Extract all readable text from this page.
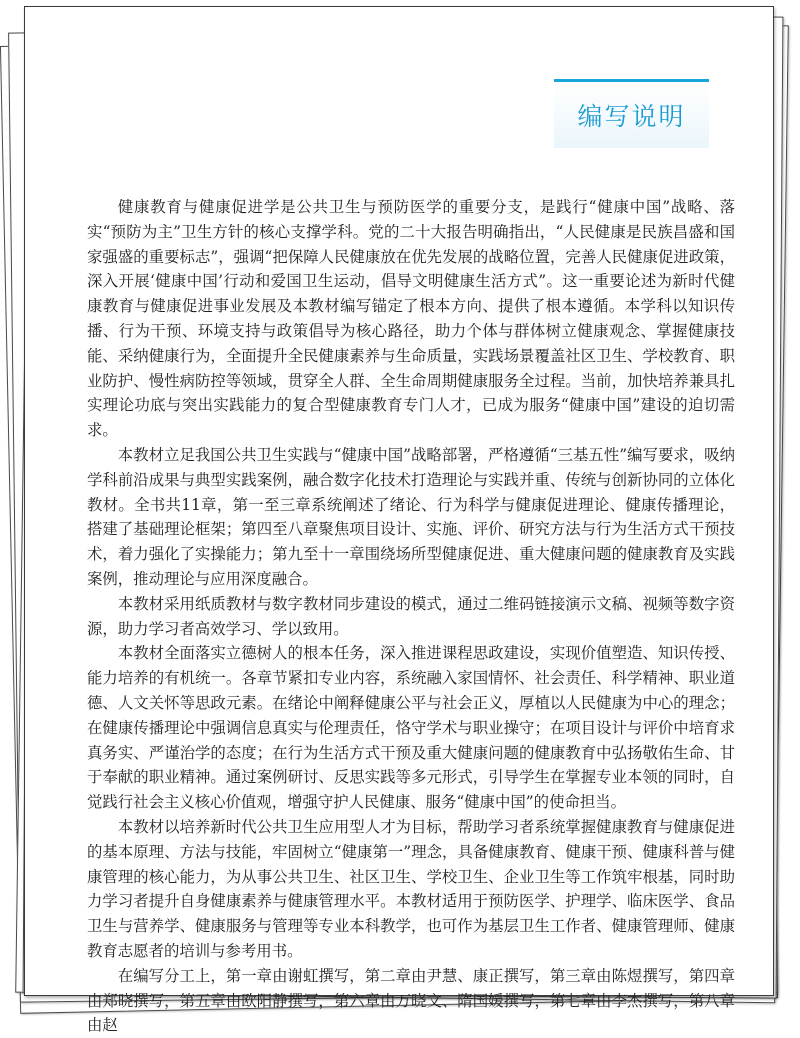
编写说明

健康教育与健康促进学是公共卫生与预防医学的重要分支，是践行“健康中国”战略、落实“预防为主”卫生方针的核心支撑学科。党的二十大报告明确指出，“人民健康是民族昌盛和国家强盛的重要标志”，强调“把保障人民健康放在优先发展的战略位置，完善人民健康促进政策，深入开展‘健康中国’行动和爱国卫生运动，倡导文明健康生活方式”。这一重要论述为新时代健康教育与健康促进事业发展及本教材编写锚定了根本方向、提供了根本遵循。本学科以知识传播、行为干预、环境支持与政策倡导为核心路径，助力个体与群体树立健康观念、掌握健康技能、采纳健康行为，全面提升全民健康素养与生命质量，实践场景覆盖社区卫生、学校教育、职业防护、慢性病防控等领域，贯穿全人群、全生命周期健康服务全过程。当前，加快培养兼具扎实理论功底与突出实践能力的复合型健康教育专门人才，已成为服务“健康中国”建设的迫切需求。

本教材立足我国公共卫生实践与“健康中国”战略部署，严格遵循“三基五性”编写要求，吸纳学科前沿成果与典型实践案例，融合数字化技术打造理论与实践并重、传统与创新协同的立体化教材。全书共11章，第一至三章系统阐述了绪论、行为科学与健康促进理论、健康传播理论，搭建了基础理论框架；第四至八章聚焦项目设计、实施、评价、研究方法与行为生活方式干预技术，着力强化了实操能力；第九至十一章围绕场所型健康促进、重大健康问题的健康教育及实践案例，推动理论与应用深度融合。

本教材采用纸质教材与数字教材同步建设的模式，通过二维码链接演示文稿、视频等数字资源，助力学习者高效学习、学以致用。

本教材全面落实立德树人的根本任务，深入推进课程思政建设，实现价值塑造、知识传授、能力培养的有机统一。各章节紧扣专业内容，系统融入家国情怀、社会责任、科学精神、职业道德、人文关怀等思政元素。在绪论中阐释健康公平与社会正义，厚植以人民健康为中心的理念；在健康传播理论中强调信息真实与伦理责任，恪守学术与职业操守；在项目设计与评价中培育求真务实、严谨治学的态度；在行为生活方式干预及重大健康问题的健康教育中弘扬敬佑生命、甘于奉献的职业精神。通过案例研讨、反思实践等多元形式，引导学生在掌握专业本领的同时，自觉践行社会主义核心价值观，增强守护人民健康、服务“健康中国”的使命担当。

本教材以培养新时代公共卫生应用型人才为目标，帮助学习者系统掌握健康教育与健康促进的基本原理、方法与技能，牢固树立“健康第一”理念，具备健康教育、健康干预、健康科普与健康管理的核心能力，为从事公共卫生、社区卫生、学校卫生、企业卫生等工作筑牢根基，同时助力学习者提升自身健康素养与健康管理水平。本教材适用于预防医学、护理学、临床医学、食品卫生与营养学、健康服务与管理等专业本科教学，也可作为基层卫生工作者、健康管理师、健康教育志愿者的培训与参考用书。

在编写分工上，第一章由谢虹撰写，第二章由尹慧、康正撰写，第三章由陈煜撰写，第四章由郑晓撰写，第五章由欧阳静撰写，第六章由万晓文、隋国媛撰写，第七章由李杰撰写，第八章由赵
